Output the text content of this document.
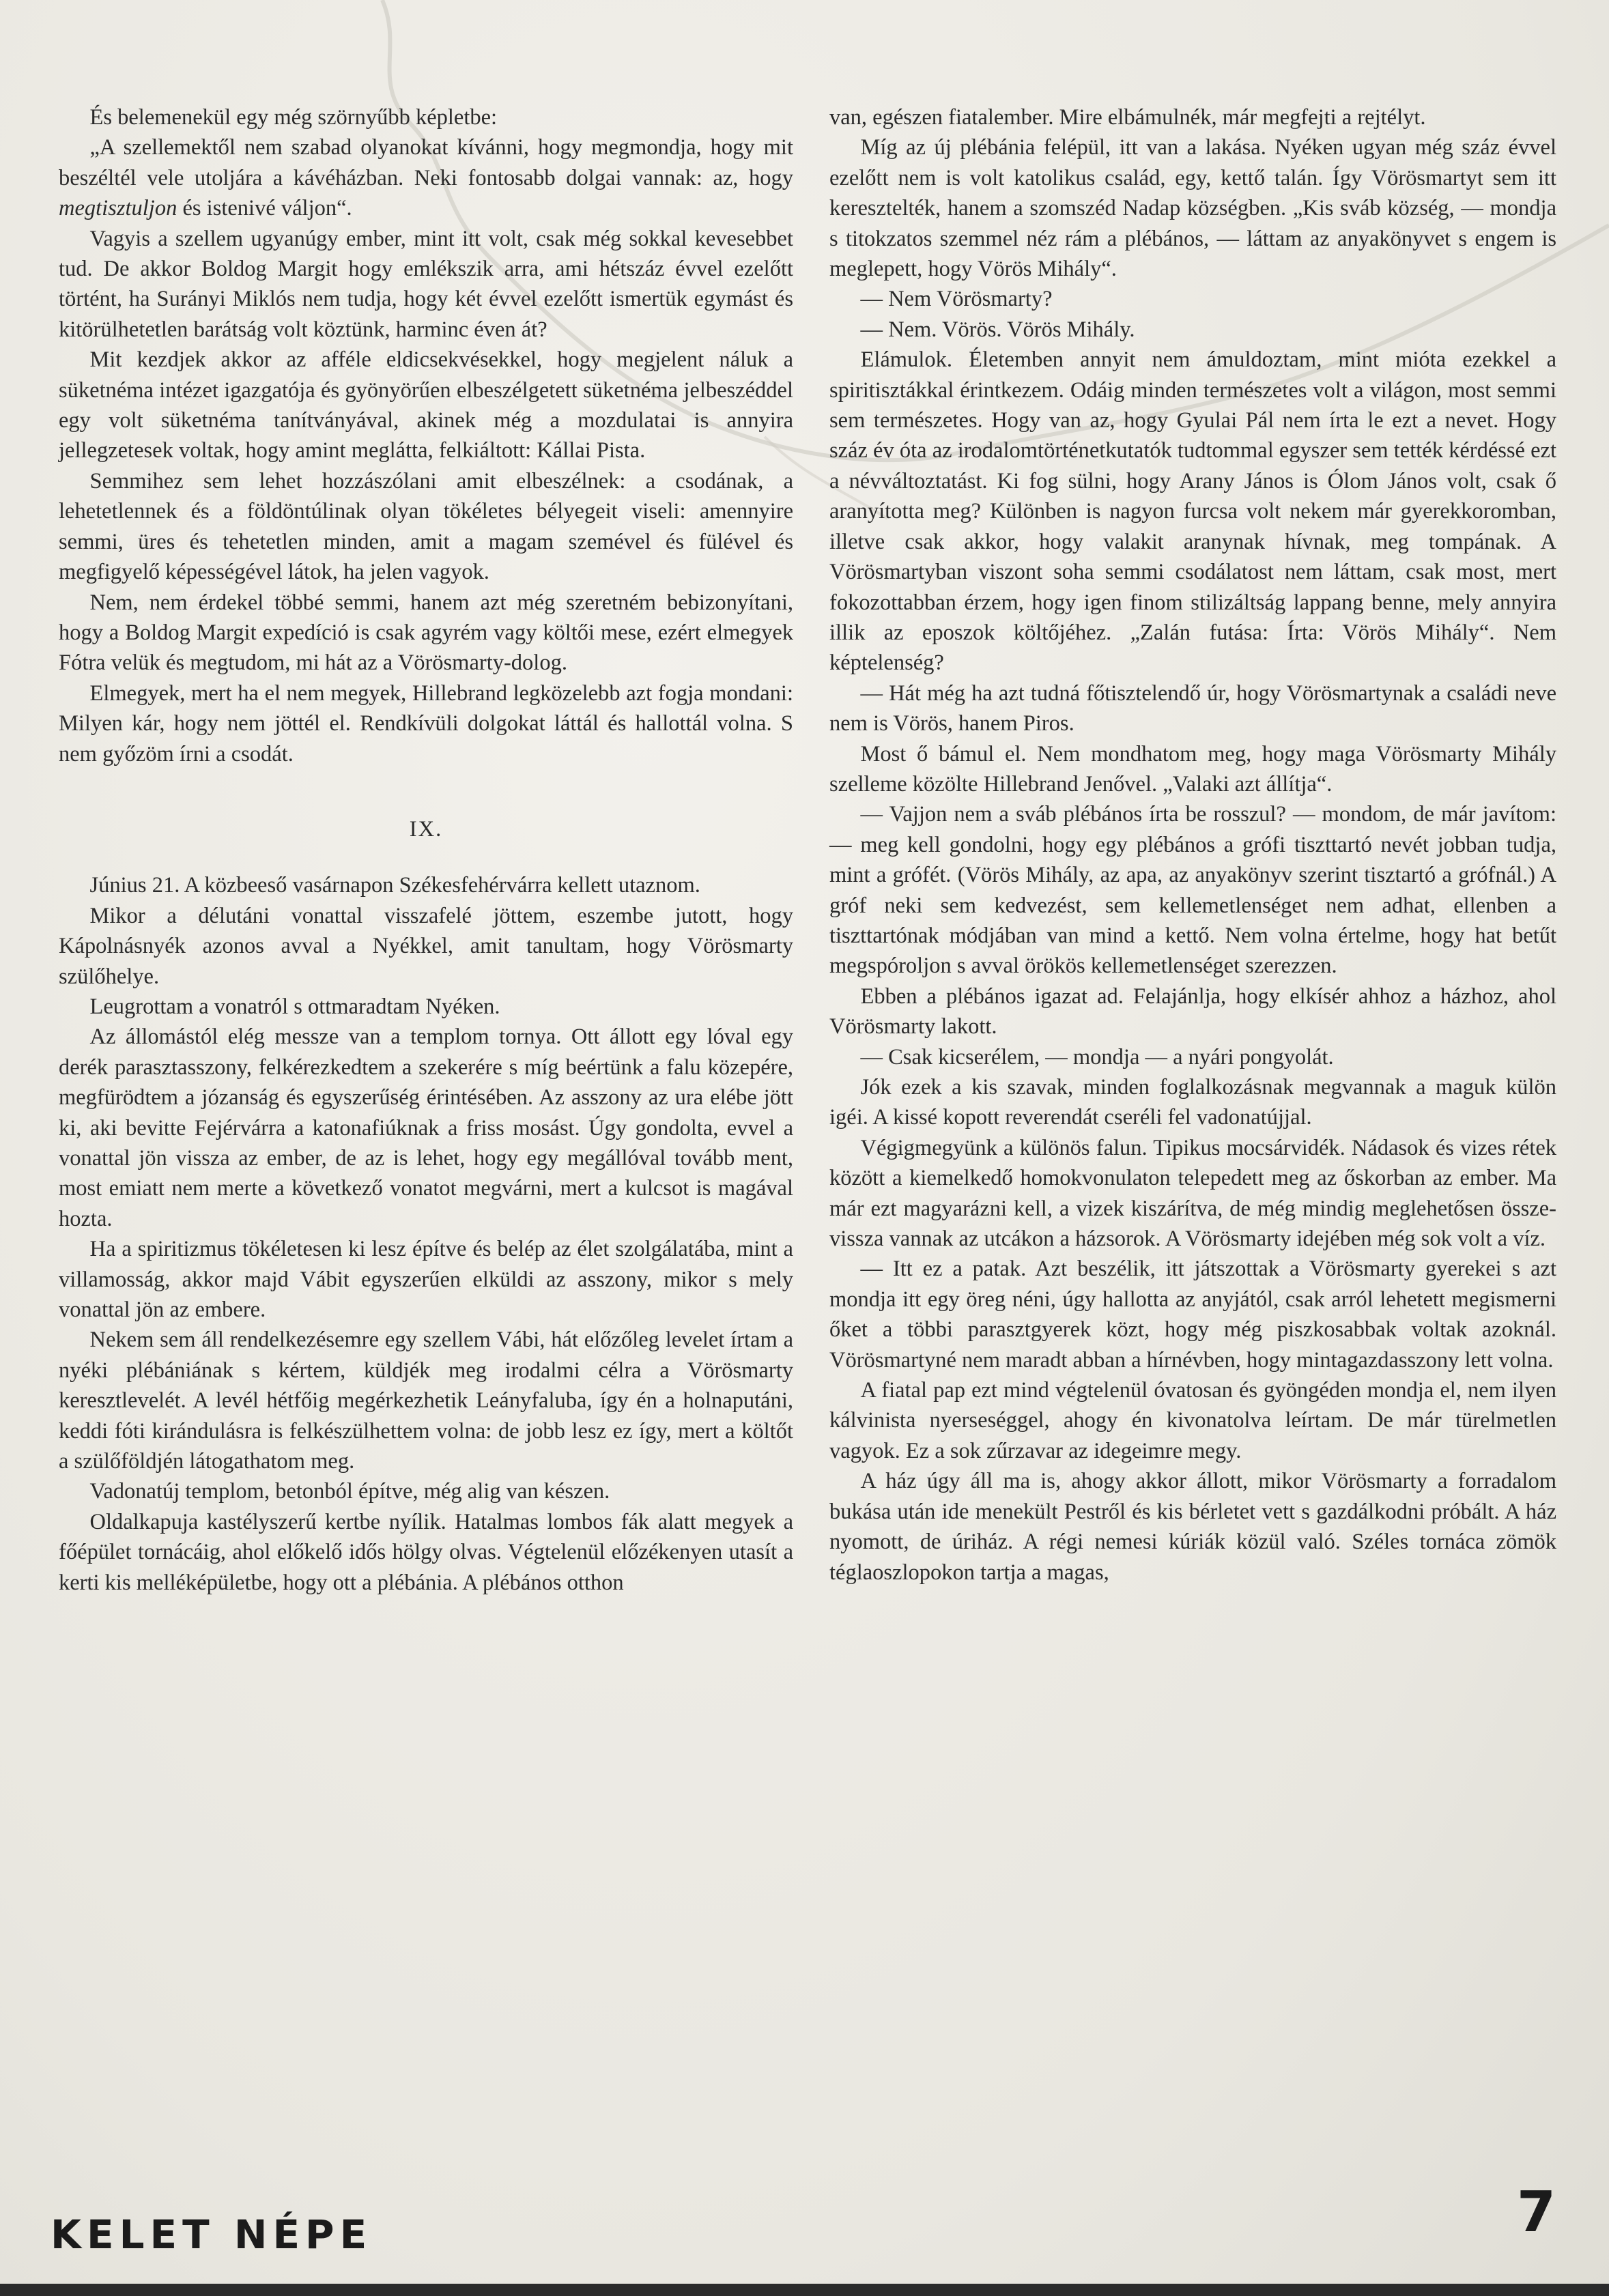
És belemenekül egy még szörnyűbb képletbe:

„A szellemektől nem szabad olyanokat kívánni, hogy megmondja, hogy mit beszéltél vele utoljára a kávéházban. Neki fontosabb dolgai vannak: az, hogy megtisztuljon és istenivé váljon“.

Vagyis a szellem ugyanúgy ember, mint itt volt, csak még sokkal kevesebbet tud. De akkor Boldog Margit hogy emlékszik arra, ami hétszáz évvel ezelőtt történt, ha Surányi Miklós nem tudja, hogy két évvel ezelőtt ismertük egymást és kitörülhetetlen barátság volt köztünk, harminc éven át?

Mit kezdjek akkor az afféle eldicsekvésekkel, hogy megjelent náluk a süketnéma intézet igazgatója és gyönyörűen elbeszélgetett süketnéma jelbeszéddel egy volt süketnéma tanítványával, akinek még a mozdulatai is annyira jellegzetesek voltak, hogy amint meglátta, felkiáltott: Kállai Pista.

Semmihez sem lehet hozzászólani amit elbeszélnek: a csodának, a lehetetlennek és a földöntúlinak olyan tökéletes bélyegeit viseli: amennyire semmi, üres és tehetetlen minden, amit a magam szemével és fülével és megfigyelő képességével látok, ha jelen vagyok.

Nem, nem érdekel többé semmi, hanem azt még szeretném bebizonyítani, hogy a Boldog Margit expedíció is csak agyrém vagy költői mese, ezért elmegyek Fótra velük és megtudom, mi hát az a Vörösmarty-dolog.

Elmegyek, mert ha el nem megyek, Hillebrand legközelebb azt fogja mondani: Milyen kár, hogy nem jöttél el. Rendkívüli dolgokat láttál és hallottál volna. S nem győzöm írni a csodát.

IX.

Június 21. A közbeeső vasárnapon Székesfehérvárra kellett utaznom.

Mikor a délutáni vonattal visszafelé jöttem, eszembe jutott, hogy Kápolnásnyék azonos avval a Nyékkel, amit tanultam, hogy Vörösmarty szülőhelye.

Leugrottam a vonatról s ottmaradtam Nyéken.

Az állomástól elég messze van a templom tornya. Ott állott egy lóval egy derék parasztasszony, felkérezkedtem a szekerére s míg beértünk a falu közepére, megfürödtem a józanság és egyszerűség érintésében. Az asszony az ura elébe jött ki, aki bevitte Fejérvárra a katonafiúknak a friss mosást. Úgy gondolta, evvel a vonattal jön vissza az ember, de az is lehet, hogy egy megállóval tovább ment, most emiatt nem merte a következő vonatot megvárni, mert a kulcsot is magával hozta.

Ha a spiritizmus tökéletesen ki lesz építve és belép az élet szolgálatába, mint a villamosság, akkor majd Vábit egyszerűen elküldi az asszony, mikor s mely vonattal jön az embere.

Nekem sem áll rendelkezésemre egy szellem Vábi, hát előzőleg levelet írtam a nyéki plébániának s kértem, küldjék meg irodalmi célra a Vörösmarty keresztlevelét. A levél hétfőig megérkezhetik Leányfaluba, így én a holnaputáni, keddi fóti kirándulásra is felkészülhettem volna: de jobb lesz ez így, mert a költőt a szülőföldjén látogathatom meg.

Vadonatúj templom, betonból építve, még alig van készen.

Oldalkapuja kastélyszerű kertbe nyílik. Hatalmas lombos fák alatt megyek a főépület tornácáig, ahol előkelő idős hölgy olvas. Végtelenül előzékenyen utasít a kerti kis melléképületbe, hogy ott a plébánia. A plébános otthon

van, egészen fiatalember. Mire elbámulnék, már megfejti a rejtélyt.

Míg az új plébánia felépül, itt van a lakása. Nyéken ugyan még száz évvel ezelőtt nem is volt katolikus család, egy, kettő talán. Így Vörösmartyt sem itt keresztelték, hanem a szomszéd Nadap községben. „Kis sváb község, — mondja s titokzatos szemmel néz rám a plébános, — láttam az anyakönyvet s engem is meglepett, hogy Vörös Mihály“.

— Nem Vörösmarty?

— Nem. Vörös. Vörös Mihály.

Elámulok. Életemben annyit nem ámuldoztam, mint mióta ezekkel a spiritisztákkal érintkezem. Odáig minden természetes volt a világon, most semmi sem természetes. Hogy van az, hogy Gyulai Pál nem írta le ezt a nevet. Hogy száz év óta az irodalomtörténetkutatók tudtommal egyszer sem tették kérdéssé ezt a névváltoztatást. Ki fog sülni, hogy Arany János is Ólom János volt, csak ő aranyította meg? Különben is nagyon furcsa volt nekem már gyerekkoromban, illetve csak akkor, hogy valakit aranynak hívnak, meg tompának. A Vörösmartyban viszont soha semmi csodálatost nem láttam, csak most, mert fokozottabban érzem, hogy igen finom stilizáltság lappang benne, mely annyira illik az eposzok költőjéhez. „Zalán futása: Írta: Vörös Mihály“. Nem képtelenség?

— Hát még ha azt tudná főtisztelendő úr, hogy Vörösmartynak a családi neve nem is Vörös, hanem Piros.

Most ő bámul el. Nem mondhatom meg, hogy maga Vörösmarty Mihály szelleme közölte Hillebrand Jenővel. „Valaki azt állítja“.

— Vajjon nem a sváb plébános írta be rosszul? — mondom, de már javítom: — meg kell gondolni, hogy egy plébános a grófi tiszttartó nevét jobban tudja, mint a grófét. (Vörös Mihály, az apa, az anyakönyv szerint tisztartó a grófnál.) A gróf neki sem kedvezést, sem kellemetlenséget nem adhat, ellenben a tiszttartónak módjában van mind a kettő. Nem volna értelme, hogy hat betűt megspóroljon s avval örökös kellemetlenséget szerezzen.

Ebben a plébános igazat ad. Felajánlja, hogy elkísér ahhoz a házhoz, ahol Vörösmarty lakott.

— Csak kicserélem, — mondja — a nyári pongyolát.

Jók ezek a kis szavak, minden foglalkozásnak megvannak a maguk külön igéi. A kissé kopott reverendát cseréli fel vadonatújjal.

Végigmegyünk a különös falun. Tipikus mocsárvidék. Nádasok és vizes rétek között a kiemelkedő homokvonulaton telepedett meg az őskorban az ember. Ma már ezt magyarázni kell, a vizek kiszárítva, de még mindig meglehetősen össze-vissza vannak az utcákon a házsorok. A Vörösmarty idejében még sok volt a víz.

— Itt ez a patak. Azt beszélik, itt játszottak a Vörösmarty gyerekei s azt mondja itt egy öreg néni, úgy hallotta az anyjától, csak arról lehetett megismerni őket a többi parasztgyerek közt, hogy még piszkosabbak voltak azoknál. Vörösmartyné nem maradt abban a hírnévben, hogy mintagazdasszony lett volna.

A fiatal pap ezt mind végtelenül óvatosan és gyöngéden mondja el, nem ilyen kálvinista nyerseséggel, ahogy én kivonatolva leírtam. De már türelmetlen vagyok. Ez a sok zűrzavar az idegeimre megy.

A ház úgy áll ma is, ahogy akkor állott, mikor Vörösmarty a forradalom bukása után ide menekült Pestről és kis bérletet vett s gazdálkodni próbált. A ház nyomott, de úriház. A régi nemesi kúriák közül való. Széles tornáca zömök téglaoszlopokon tartja a magas,

KELET NÉPE	7
